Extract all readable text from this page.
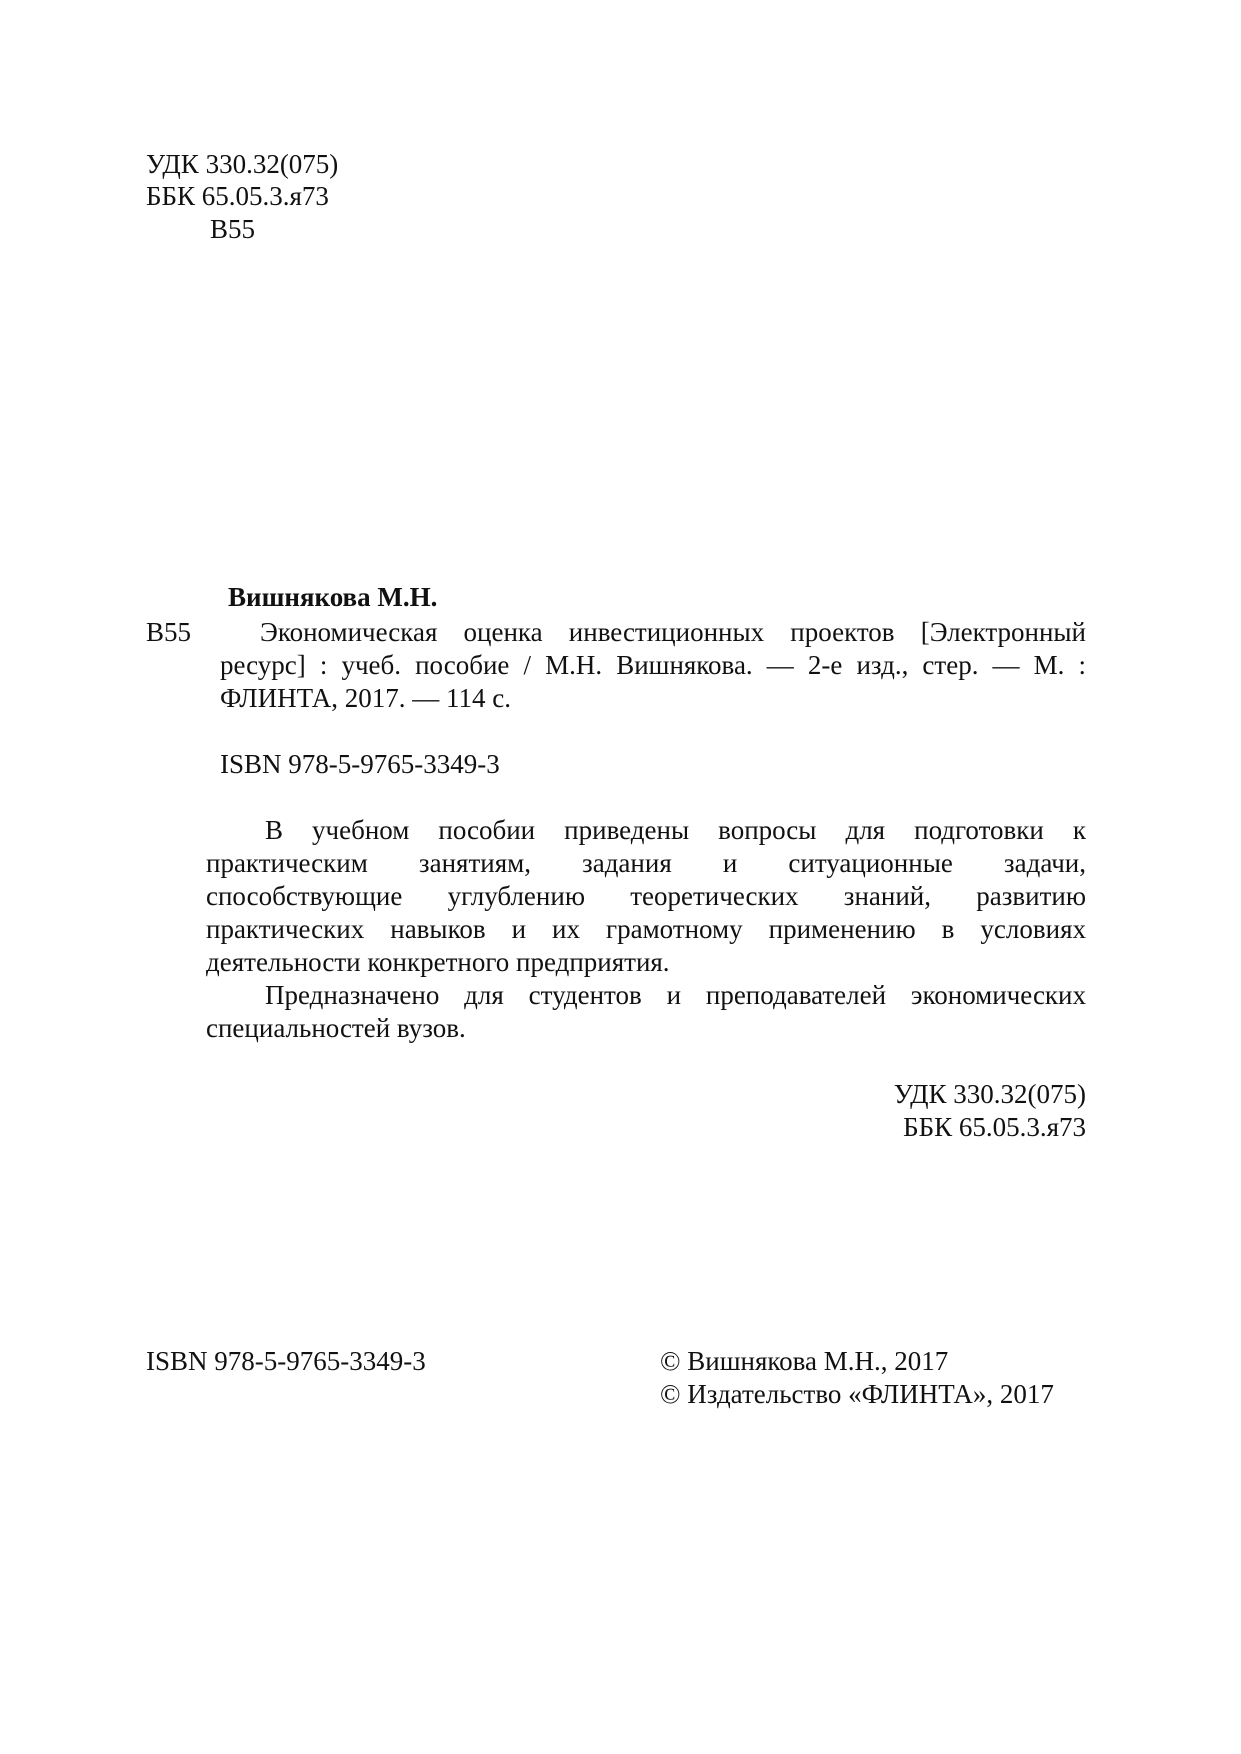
УДК 330.32(075)
ББК 65.05.3.я73
В55
Вишнякова М.Н.
В55	Экономическая оценка инвестиционных проектов [Электронный
ресурс] : учеб. пособие / М.Н. Вишнякова. — 2-е изд., стер. — М. :
ФЛИНТА, 2017. — 114 с.
ISBN 978-5-9765-3349-3
В учебном пособии приведены вопросы для подготовки к
практическим занятиям, задания и ситуационные задачи,
способствующие углублению теоретических знаний, развитию
практических навыков и их грамотному применению в условиях
деятельности конкретного предприятия.
Предназначено для студентов и преподавателей экономических
специальностей вузов.
УДК 330.32(075)
ББК 65.05.3.я73
ISBN 978-5-9765-3349-3	© Вишнякова М.Н., 2017
© Издательство «ФЛИНТА», 2017
